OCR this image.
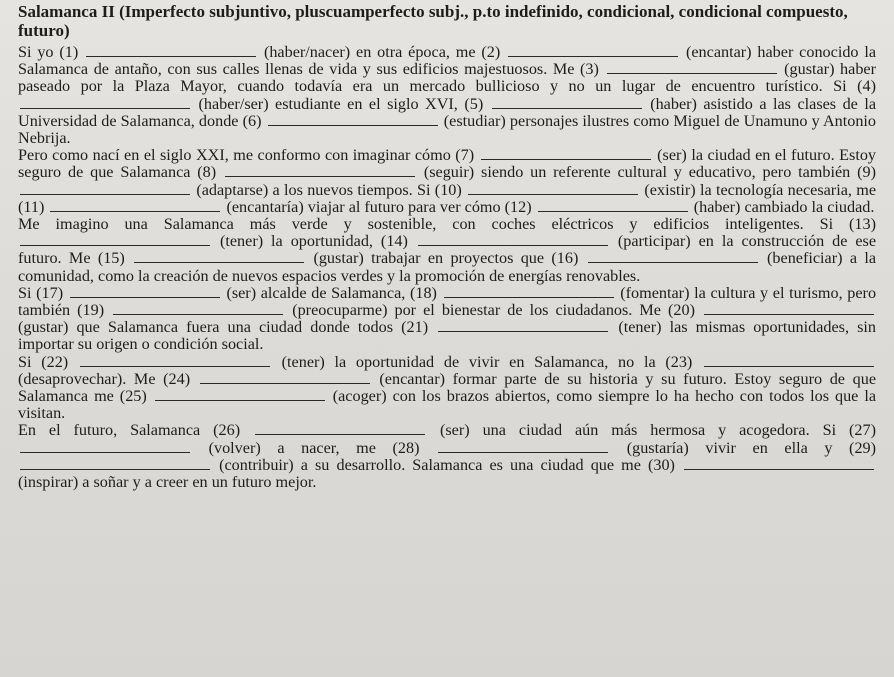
Salamanca II (Imperfecto subjuntivo, pluscuamperfecto subj., p.to indefinido, condicional, condicional compuesto, futuro)

Si yo (1)	(haber/nacer) en otra época, me (2)	(encantar) haber conocido la Salamanca de antaño, con sus calles llenas de vida y sus edificios majestuosos. Me (3)	(gustar) haber paseado por la Plaza Mayor, cuando todavía era un mercado bullicioso y no un lugar de encuentro turístico. Si (4)  (haber/ser) estudiante en el siglo XVI, (5)	(haber) asistido a las clases de la Universidad de Salamanca, donde (6)	(estudiar) personajes ilustres como Miguel de Unamuno y Antonio Nebrija.

Pero como nací en el siglo XXI, me conformo con imaginar cómo (7)	(ser) la ciudad en el futuro. Estoy seguro de que Salamanca (8)	(seguir) siendo un referente cultural y educativo, pero también (9)  (adaptarse) a los nuevos tiempos. Si (10)	(existir) la tecnología necesaria, me (11)	(encantaría) viajar al futuro para ver cómo (12)	(haber) cambiado la ciudad.

Me imagino una Salamanca más verde y sostenible, con coches eléctricos y edificios inteligentes. Si (13)  (tener) la oportunidad, (14)	(participar) en la construcción de ese futuro. Me (15)	(gustar) trabajar en proyectos que (16)	(beneficiar) a la comunidad, como la creación de nuevos espacios verdes y la promoción de energías renovables.

Si (17)	(ser) alcalde de Salamanca, (18)	(fomentar) la cultura y el turismo, pero también (19)	(preocuparme) por el bienestar de los ciudadanos. Me (20)  (gustar) que Salamanca fuera una ciudad donde todos (21)	(tener) las mismas oportunidades, sin importar su origen o condición social.

Si (22)	(tener) la oportunidad de vivir en Salamanca, no la (23)  (desaprovechar). Me (24)	(encantar) formar parte de su historia y su futuro. Estoy seguro de que Salamanca me (25)	(acoger) con los brazos abiertos, como siempre lo ha hecho con todos los que la visitan.

En el futuro, Salamanca (26)	(ser) una ciudad aún más hermosa y acogedora. Si (27)  (volver) a nacer, me (28)	(gustaría) vivir en ella y (29)  (contribuir) a su desarrollo. Salamanca es una ciudad que me (30)  (inspirar) a soñar y a creer en un futuro mejor.
